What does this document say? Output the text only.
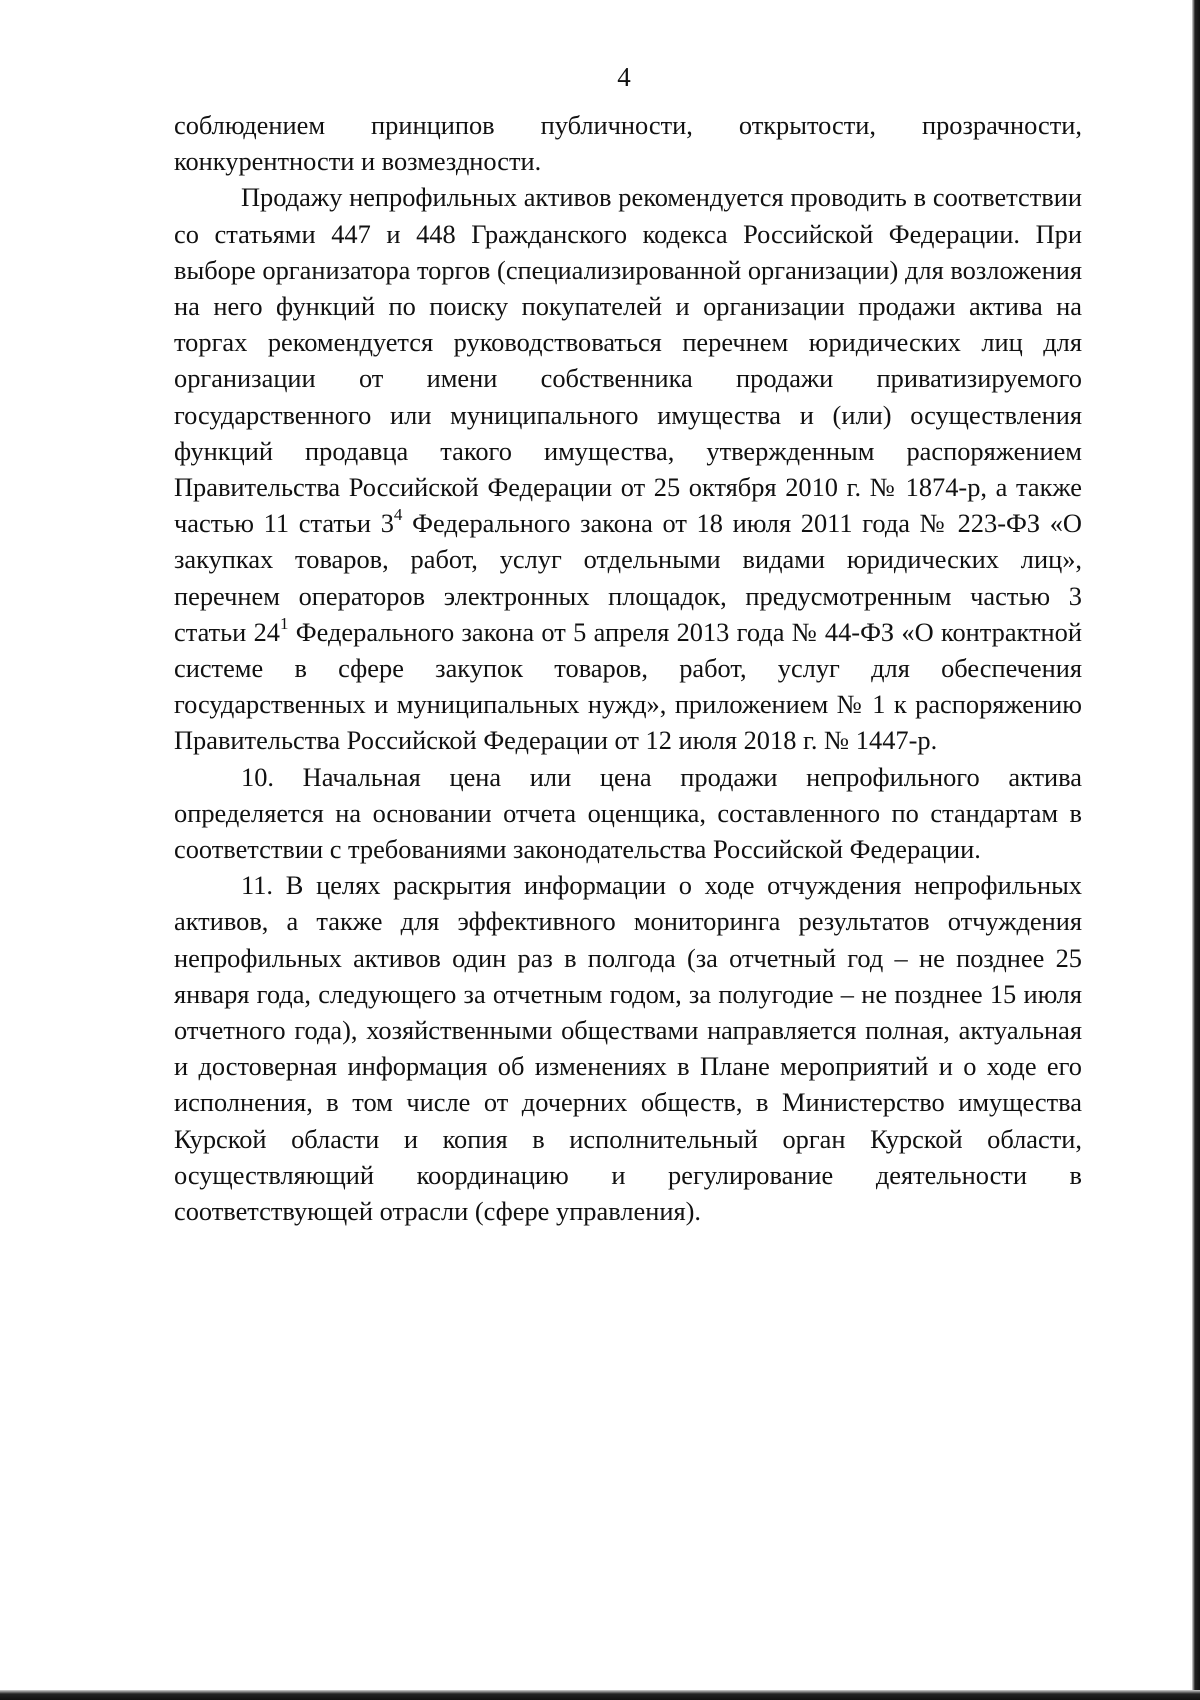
4

соблюдением принципов публичности, открытости, прозрачности,
конкурентности и возмездности.

Продажу непрофильных активов рекомендуется проводить в соответствии со статьями 447 и 448 Гражданского кодекса Российской Федерации. При выборе организатора торгов (специализированной организации) для возложения на него функций по поиску покупателей и организации продажи актива на торгах рекомендуется руководствоваться перечнем юридических лиц для организации от имени собственника продажи приватизируемого государственного или муниципального имущества и (или) осуществления функций продавца такого имущества, утвержденным распоряжением Правительства Российской Федерации от 25 октября 2010 г. № 1874-р, а также частью 11 статьи $3^4$ Федерального закона от 18 июля 2011 года № 223-ФЗ «О закупках товаров, работ, услуг отдельными видами юридических лиц», перечнем операторов электронных площадок, предусмотренным частью 3 статьи $24^1$ Федерального закона от 5 апреля 2013 года № 44-ФЗ «О контрактной системе в сфере закупок товаров, работ, услуг для обеспечения государственных и муниципальных нужд», приложением № 1 к распоряжению Правительства Российской Федерации от 12 июля 2018 г. № 1447-р.

10. Начальная цена или цена продажи непрофильного актива определяется на основании отчета оценщика, составленного по стандартам в соответствии с требованиями законодательства Российской Федерации.

11. В целях раскрытия информации о ходе отчуждения непрофильных активов, а также для эффективного мониторинга результатов отчуждения непрофильных активов один раз в полгода (за отчетный год – не позднее 25 января года, следующего за отчетным годом, за полугодие – не позднее 15 июля отчетного года), хозяйственными обществами направляется полная, актуальная и достоверная информация об изменениях в Плане мероприятий и о ходе его исполнения, в том числе от дочерних обществ, в Министерство имущества Курской области и копия в исполнительный орган Курской области, осуществляющий координацию и регулирование деятельности в соответствующей отрасли (сфере управления).
